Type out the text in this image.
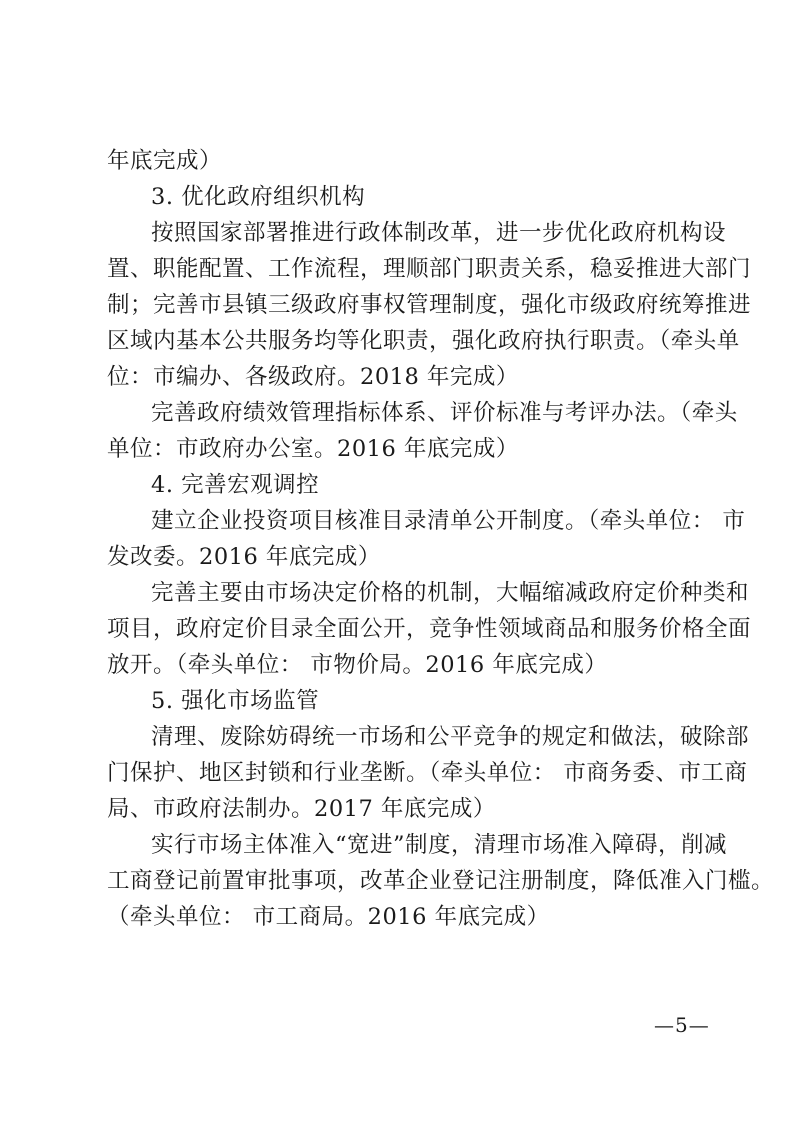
年底完成）
3. 优化政府组织机构
按照国家部署推进行政体制改革，进一步优化政府机构设
置、职能配置、工作流程，理顺部门职责关系，稳妥推进大部门
制；完善市县镇三级政府事权管理制度，强化市级政府统筹推进
区域内基本公共服务均等化职责，强化政府执行职责。（牵头单
位：市编办、各级政府。2018 年完成）
完善政府绩效管理指标体系、评价标准与考评办法。（牵头
单位：市政府办公室。2016 年底完成）
4. 完善宏观调控
建立企业投资项目核准目录清单公开制度。（牵头单位： 市
发改委。2016 年底完成）
完善主要由市场决定价格的机制，大幅缩减政府定价种类和
项目，政府定价目录全面公开，竞争性领域商品和服务价格全面
放开。（牵头单位： 市物价局。2016 年底完成）
5. 强化市场监管
清理、废除妨碍统一市场和公平竞争的规定和做法，破除部
门保护、地区封锁和行业垄断。（牵头单位： 市商务委、市工商
局、市政府法制办。2017 年底完成）
实行市场主体准入“宽进”制度，清理市场准入障碍，削减
工商登记前置审批事项，改革企业登记注册制度，降低准入门槛。
（牵头单位： 市工商局。2016 年底完成）
—5—
